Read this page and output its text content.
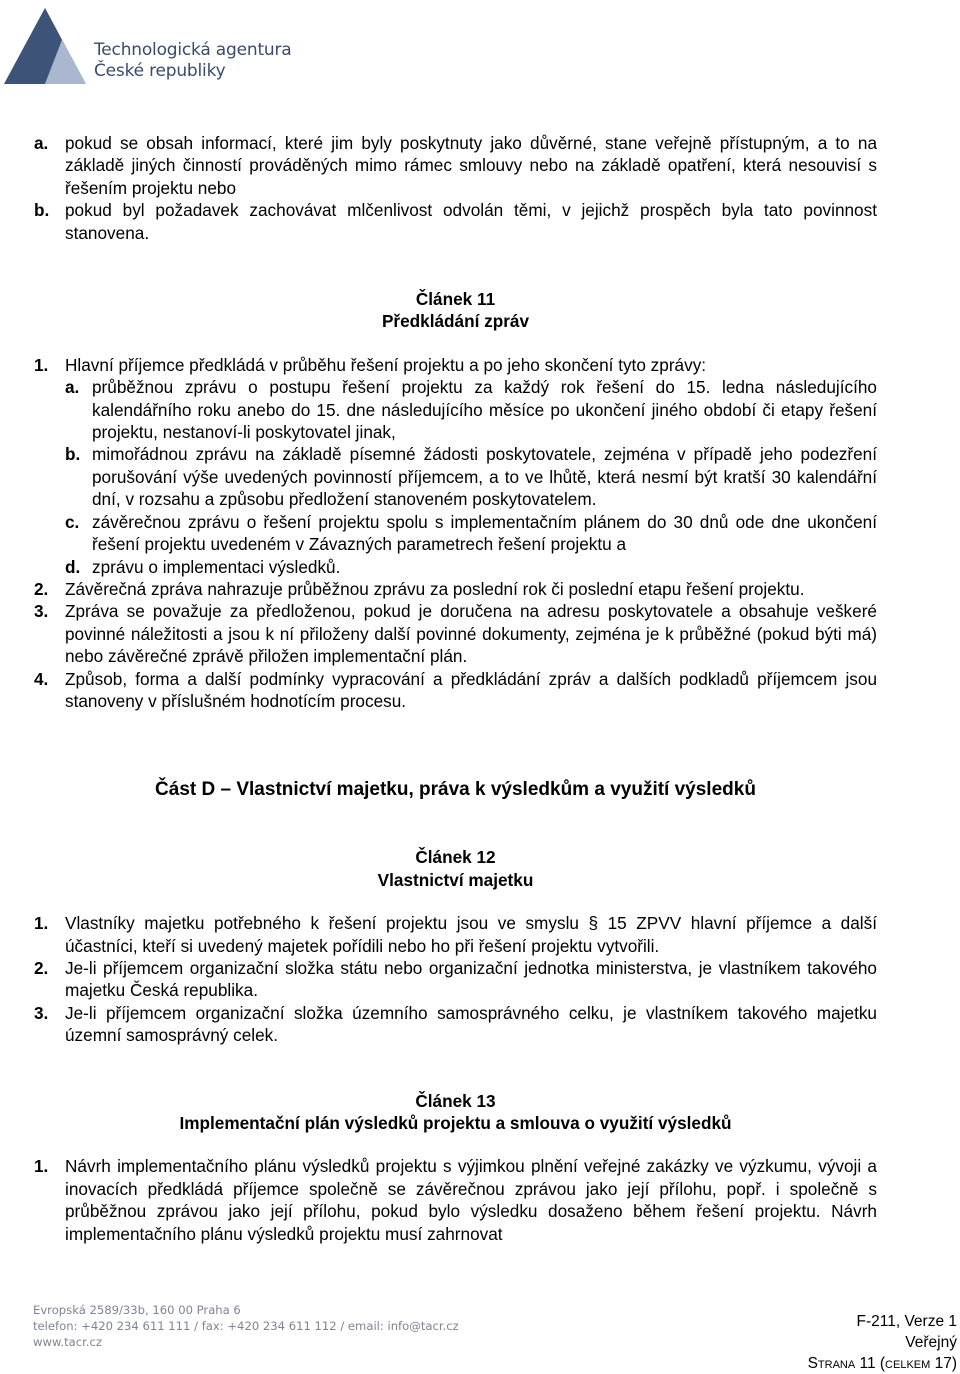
Technologická agentura
České republiky
a. pokud se obsah informací, které jim byly poskytnuty jako důvěrné, stane veřejně přístupným, a to na základě jiných činností prováděných mimo rámec smlouvy nebo na základě opatření, která nesouvisí s řešením projektu nebo
b. pokud byl požadavek zachovávat mlčenlivost odvolán těmi, v jejichž prospěch byla tato povinnost stanovena.
Článek 11
Předkládání zpráv
1. Hlavní příjemce předkládá v průběhu řešení projektu a po jeho skončení tyto zprávy:
a. průběžnou zprávu o postupu řešení projektu za každý rok řešení do 15. ledna následujícího kalendářního roku anebo do 15. dne následujícího měsíce po ukončení jiného období či etapy řešení projektu, nestanoví-li poskytovatel jinak,
b. mimořádnou zprávu na základě písemné žádosti poskytovatele, zejména v případě jeho podezření porušování výše uvedených povinností příjemcem, a to ve lhůtě, která nesmí být kratší 30 kalendářní dní, v rozsahu a způsobu předložení stanoveném poskytovatelem.
c. závěrečnou zprávu o řešení projektu spolu s implementačním plánem do 30 dnů ode dne ukončení řešení projektu uvedeném v Závazných parametrech řešení projektu a
d. zprávu o implementaci výsledků.
2. Závěrečná zpráva nahrazuje průběžnou zprávu za poslední rok či poslední etapu řešení projektu.
3. Zpráva se považuje za předloženou, pokud je doručena na adresu poskytovatele a obsahuje veškeré povinné náležitosti a jsou k ní přiloženy další povinné dokumenty, zejména je k průběžné (pokud býti má) nebo závěrečné zprávě přiložen implementační plán.
4. Způsob, forma a další podmínky vypracování a předkládání zpráv a dalších podkladů příjemcem jsou stanoveny v příslušném hodnotícím procesu.
Část D – Vlastnictví majetku, práva k výsledkům a využití výsledků
Článek 12
Vlastnictví majetku
1. Vlastníky majetku potřebného k řešení projektu jsou ve smyslu § 15 ZPVV hlavní příjemce a další účastníci, kteří si uvedený majetek pořídili nebo ho při řešení projektu vytvořili.
2. Je-li příjemcem organizační složka státu nebo organizační jednotka ministerstva, je vlastníkem takového majetku Česká republika.
3. Je-li příjemcem organizační složka územního samosprávného celku, je vlastníkem takového majetku územní samosprávný celek.
Článek 13
Implementační plán výsledků projektu a smlouva o využití výsledků
1. Návrh implementačního plánu výsledků projektu s výjimkou plnění veřejné zakázky ve výzkumu, vývoji a inovacích předkládá příjemce společně se závěrečnou zprávou jako její přílohu, popř. i společně s průběžnou zprávou jako její přílohu, pokud bylo výsledku dosaženo během řešení projektu. Návrh implementačního plánu výsledků projektu musí zahrnovat
Evropská 2589/33b, 160 00 Praha 6
telefon: +420 234 611 111 / fax: +420 234 611 112 / email: info@tacr.cz
www.tacr.cz
F-211, Verze 1
Veřejný
Strana 11 (celkem 17)
